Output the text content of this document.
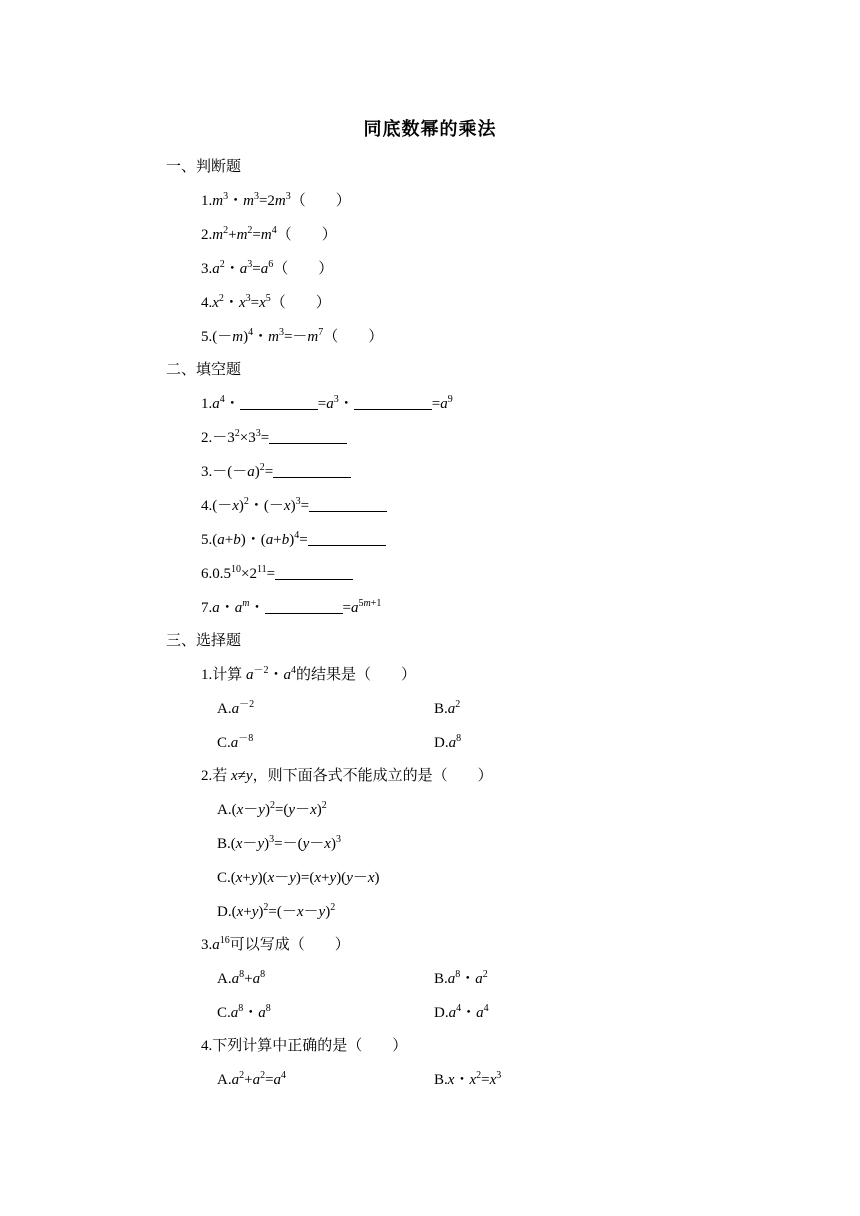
同底数幂的乘法
一、判断题
$1.m^3$・$m^3=2m^3$（　　）
$2.m^2+m^2=m^4$（　　）
$3.a^2$・$a^3=a^6$（　　）
$4.x^2$・$x^3=x^5$（　　）
$5.(-m)^4$・$m^3=-m^7$（　　）
二、填空题
$1.a^4$・	$=a^3$・	$=a^9$
$2.-3^2\times 3^3=$
$3.-(-a)^2=$
$4.(-x)^2$・$(-x)^3=$
5.(a+b)・$(a+b)^4=$
$6.0.5^{10}\times 2^{11}=$
7.a・$a^m$・	$=a^{5m+1}$
三、选择题
1.计算 $a^{-2}$・$a^4$的结果是（　　）
$A.a^{-2}$	$B.a^2$
$C.a^{-8}$	$D.a^8$
2.若 x≠y，则下面各式不能成立的是（　　）
$A.(x-y)^2=(y-x)^2$
$B.(x-y)^3=-(y-x)^3$
C.(x+y)(x－y)=(x+y)(y－x)
$D.(x+y)^2=(-x-y)^2$
$3.a^{16}$可以写成（　　）
$A.a^8+a^8$	$B.a^8$・$a^2$
$C.a^8$・$a^8$	$D.a^4$・$a^4$
4.下列计算中正确的是（　　）
$A.a^2+a^2=a^4$	B.x・$x^2=x^3$
